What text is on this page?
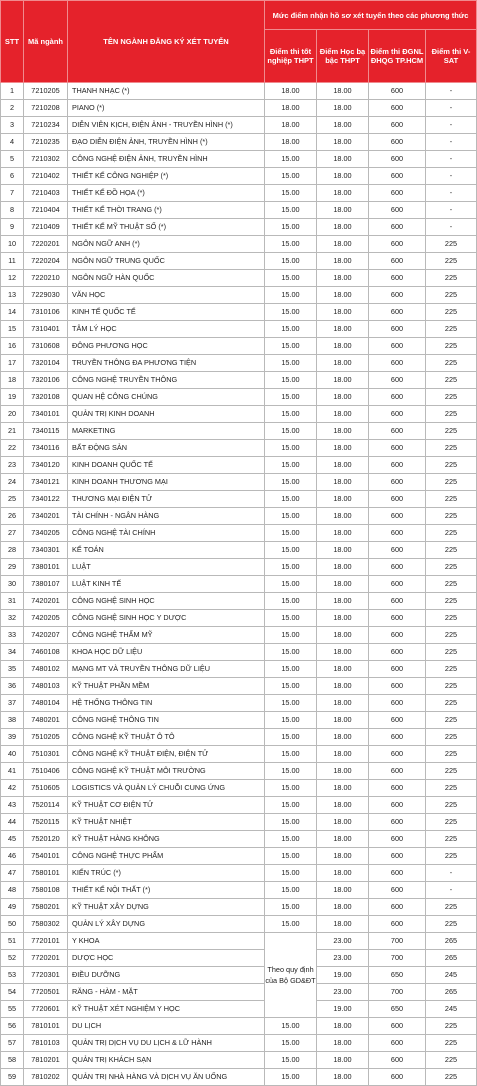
STT	Mã ngành	TÊN NGÀNH ĐĂNG KÝ XÉT TUYỂN	Mức điểm nhận hồ sơ xét tuyển theo các phương thức			
			Điểm thi tốt nghiệp THPT	Điểm Học bạ bậc THPT	Điểm thi ĐGNL ĐHQG TP.HCM	Điểm thi V-SAT
1	7210205	THANH NHẠC (*)	18.00	18.00	600	-
2	7210208	PIANO (*)	18.00	18.00	600	-
3	7210234	DIỄN VIÊN KỊCH, ĐIỆN ẢNH - TRUYỀN HÌNH (*)	18.00	18.00	600	-
4	7210235	ĐẠO DIỄN ĐIỆN ẢNH, TRUYỀN HÌNH (*)	18.00	18.00	600	-
5	7210302	CÔNG NGHỆ ĐIỆN ẢNH, TRUYỀN HÌNH	15.00	18.00	600	-
6	7210402	THIẾT KẾ CÔNG NGHIỆP (*)	15.00	18.00	600	-
7	7210403	THIẾT KẾ ĐỒ HỌA (*)	15.00	18.00	600	-
8	7210404	THIẾT KẾ THỜI TRANG (*)	15.00	18.00	600	-
9	7210409	THIẾT KẾ MỸ THUẬT SỐ (*)	15.00	18.00	600	-
10	7220201	NGÔN NGỮ ANH (*)	15.00	18.00	600	225
11	7220204	NGÔN NGỮ TRUNG QUỐC	15.00	18.00	600	225
12	7220210	NGÔN NGỮ HÀN QUỐC	15.00	18.00	600	225
13	7229030	VĂN HỌC	15.00	18.00	600	225
14	7310106	KINH TẾ QUỐC TẾ	15.00	18.00	600	225
15	7310401	TÂM LÝ HỌC	15.00	18.00	600	225
16	7310608	ĐÔNG PHƯƠNG HỌC	15.00	18.00	600	225
17	7320104	TRUYỀN THÔNG ĐA PHƯƠNG TIỆN	15.00	18.00	600	225
18	7320106	CÔNG NGHỆ TRUYỀN THÔNG	15.00	18.00	600	225
19	7320108	QUAN HỆ CÔNG CHÚNG	15.00	18.00	600	225
20	7340101	QUẢN TRỊ KINH DOANH	15.00	18.00	600	225
21	7340115	MARKETING	15.00	18.00	600	225
22	7340116	BẤT ĐỘNG SẢN	15.00	18.00	600	225
23	7340120	KINH DOANH QUỐC TẾ	15.00	18.00	600	225
24	7340121	KINH DOANH THƯƠNG MẠI	15.00	18.00	600	225
25	7340122	THƯƠNG MẠI ĐIỆN TỬ	15.00	18.00	600	225
26	7340201	TÀI CHÍNH - NGÂN HÀNG	15.00	18.00	600	225
27	7340205	CÔNG NGHỆ TÀI CHÍNH	15.00	18.00	600	225
28	7340301	KẾ TOÁN	15.00	18.00	600	225
29	7380101	LUẬT	15.00	18.00	600	225
30	7380107	LUẬT KINH TẾ	15.00	18.00	600	225
31	7420201	CÔNG NGHỆ SINH HỌC	15.00	18.00	600	225
32	7420205	CÔNG NGHỆ SINH HỌC Y DƯỢC	15.00	18.00	600	225
33	7420207	CÔNG NGHỆ THẨM MỸ	15.00	18.00	600	225
34	7460108	KHOA HỌC DỮ LIỆU	15.00	18.00	600	225
35	7480102	MẠNG MT VÀ TRUYỀN THÔNG DỮ LIỆU	15.00	18.00	600	225
36	7480103	KỸ THUẬT PHẦN MỀM	15.00	18.00	600	225
37	7480104	HỆ THỐNG THÔNG TIN	15.00	18.00	600	225
38	7480201	CÔNG NGHỆ THÔNG TIN	15.00	18.00	600	225
39	7510205	CÔNG NGHỆ KỸ THUẬT Ô TÔ	15.00	18.00	600	225
40	7510301	CÔNG NGHỆ KỸ THUẬT ĐIỆN, ĐIỆN TỬ	15.00	18.00	600	225
41	7510406	CÔNG NGHỆ KỸ THUẬT MÔI TRƯỜNG	15.00	18.00	600	225
42	7510605	LOGISTICS VÀ QUẢN LÝ CHUỖI CUNG ỨNG	15.00	18.00	600	225
43	7520114	KỸ THUẬT CƠ ĐIỆN TỬ	15.00	18.00	600	225
44	7520115	KỸ THUẬT NHIỆT	15.00	18.00	600	225
45	7520120	KỸ THUẬT HÀNG KHÔNG	15.00	18.00	600	225
46	7540101	CÔNG NGHỆ THỰC PHẨM	15.00	18.00	600	225
47	7580101	KIẾN TRÚC (*)	15.00	18.00	600	-
48	7580108	THIẾT KẾ NỘI THẤT (*)	15.00	18.00	600	-
49	7580201	KỸ THUẬT XÂY DỰNG	15.00	18.00	600	225
50	7580302	QUẢN LÝ XÂY DỰNG	15.00	18.00	600	225
51	7720101	Y KHOA	Theo quy định của Bộ GD&ĐT	23.00	700	265
52	7720201	DƯỢC HỌC		23.00	700	265
53	7720301	ĐIỀU DƯỠNG		19.00	650	245
54	7720501	RĂNG - HÀM - MẶT		23.00	700	265
55	7720601	KỸ THUẬT XÉT NGHIỆM Y HỌC		19.00	650	245
56	7810101	DU LỊCH	15.00	18.00	600	225
57	7810103	QUẢN TRỊ DỊCH VỤ DU LỊCH & LỮ HÀNH	15.00	18.00	600	225
58	7810201	QUẢN TRỊ KHÁCH SẠN	15.00	18.00	600	225
59	7810202	QUẢN TRỊ NHÀ HÀNG VÀ DỊCH VỤ ĂN UỐNG	15.00	18.00	600	225
